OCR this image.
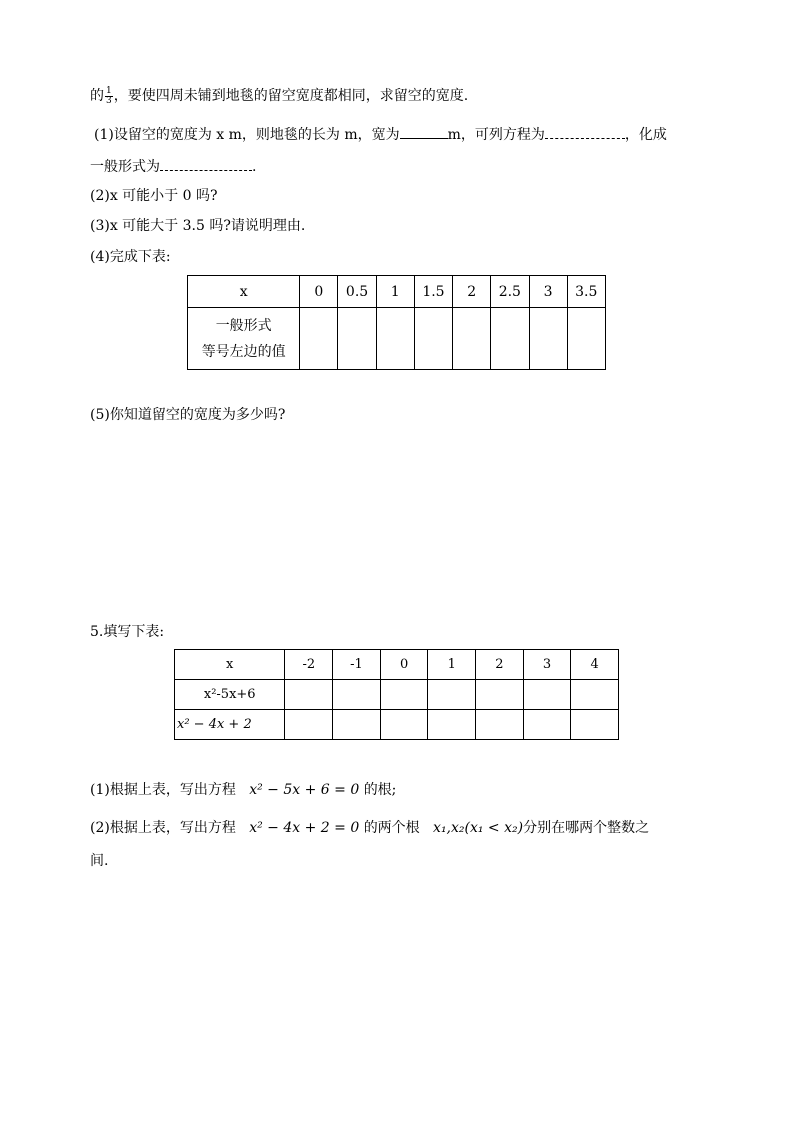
的 $\frac{1}{3}$ ，要使四周未铺到地毯的留空宽度都相同，求留空的宽度.
(1)设留空的宽度为 x m，则地毯的长为 m，宽为	m，可列方程为	，化成
一般形式为	.
(2)x 可能小于 0 吗?
(3)x 可能大于 3.5 吗?请说明理由.
(4)完成下表:
x	0	0.5	1	1.5	2	2.5	3	3.5

一般形式
等号左边的值								

(5)你知道留空的宽度为多少吗?
5.填写下表:
x	-2	-1	0	1	2	3	4
x²-5x+6							
x² − 4x + 2							
(1)根据上表，写出方程 x² − 5x + 6 = 0 的根;
(2)根据上表，写出方程 x² − 4x + 2 = 0 的两个根 x₁,x₂(x₁ < x₂)分别在哪两个整数之
间.
